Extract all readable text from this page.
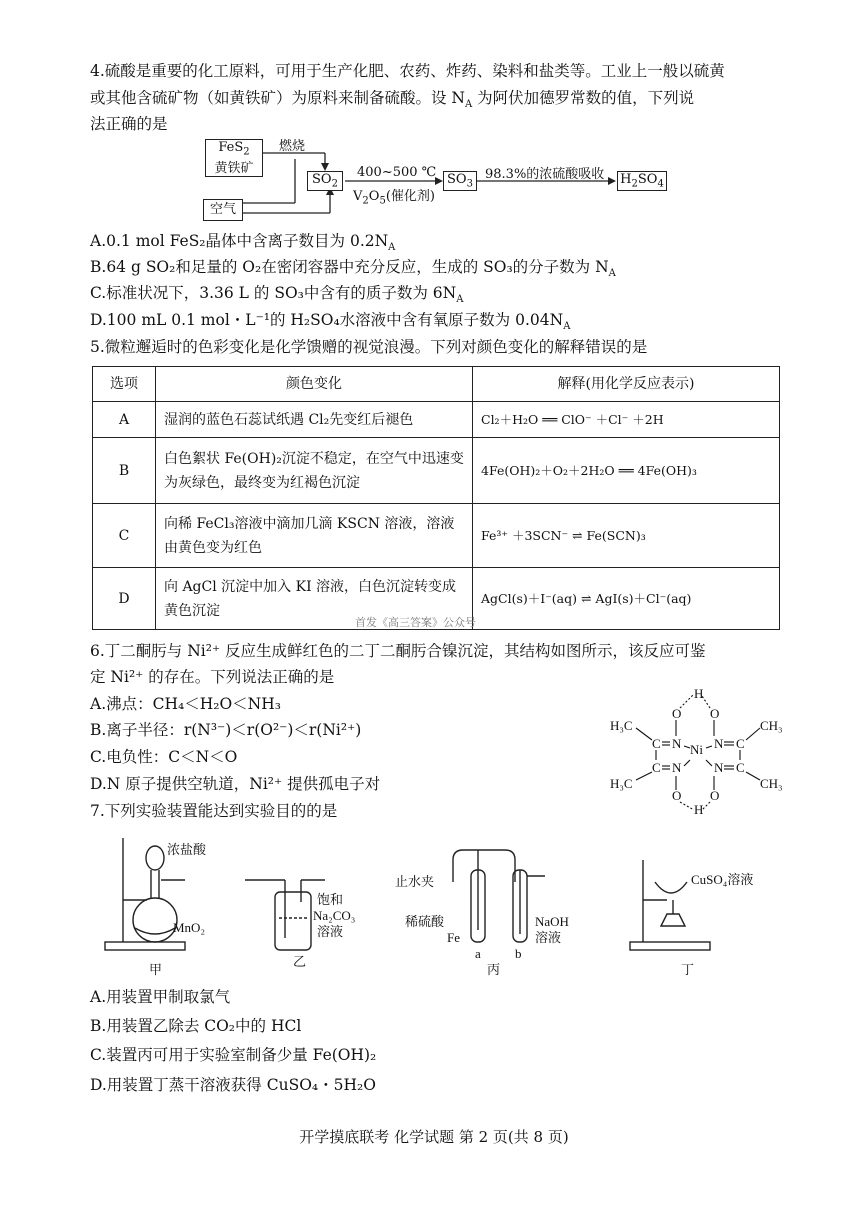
4.硫酸是重要的化工原料，可用于生产化肥、农药、炸药、染料和盐类等。工业上一般以硫黄
或其他含硫矿物（如黄铁矿）为原料来制备硫酸。设 $N_A$ 为阿伏加德罗常数的值，下列说
法正确的是
FeS$_2$
黄铁矿
燃烧
空气
$SO_2$
400~500 ℃
$V_2O_5$(催化剂)
$SO_3$
98.3%的浓硫酸吸收 $H_2SO_4$
A.0.1 mol FeS₂晶体中含离子数目为 $0.2N_A$
B.64 g SO₂和足量的 O₂在密闭容器中充分反应，生成的 SO₃的分子数为 $N_A$
C.标准状况下，3.36 L 的 SO₃中含有的质子数为 $6N_A$
D.100 mL 0.1 mol・L⁻¹的 H₂SO₄水溶液中含有氧原子数为 $0.04N_A$
5.微粒邂逅时的色彩变化是化学馈赠的视觉浪漫。下列对颜色变化的解释错误的是
选项	颜色变化	解释(用化学反应表示)
A	湿润的蓝色石蕊试纸遇 Cl₂先变红后褪色	Cl₂＋H₂O ══ ClO⁻ ＋Cl⁻ ＋2H
B	白色絮状 Fe(OH)₂沉淀不稳定，在空气中迅速变为灰绿色，最终变为红褐色沉淀	4Fe(OH)₂＋O₂＋2H₂O ══ 4Fe(OH)₃
C	向稀 FeCl₃溶液中滴加几滴 KSCN 溶液，溶液由黄色变为红色	Fe³⁺ ＋3SCN⁻ ⇌ Fe(SCN)₃
D	向 AgCl 沉淀中加入 KI 溶液，白色沉淀转变成黄色沉淀	AgCl(s)＋I⁻(aq) ⇌ AgI(s)＋Cl⁻(aq)
首发《高三答案》公众号
6.丁二酮肟与 Ni²⁺ 反应生成鲜红色的二丁二酮肟合镍沉淀，其结构如图所示，该反应可鉴
定 Ni²⁺ 的存在。下列说法正确的是
A.沸点：CH₄＜H₂O＜NH₃
B.离子半径：r(N³⁻)＜r(O²⁻)＜r(Ni²⁺)
C.电负性：C＜N＜O
D.N 原子提供空轨道，Ni²⁺ 提供孤电子对
H
O O
H₃C	CH₃
C N Ni N C
C N	N C
H₃C	CH₃
O O
H
7.下列实验装置能达到实验目的的是
浓盐酸
MnO₂
甲
饱和
Na₂CO₃
溶液
乙
止水夹
稀硫酸
Fe
a	b
NaOH
溶液
丙
CuSO₄溶液
丁
A.用装置甲制取氯气
B.用装置乙除去 CO₂中的 HCl
C.装置丙可用于实验室制备少量 Fe(OH)₂
D.用装置丁蒸干溶液获得 CuSO₄・5H₂O
开学摸底联考 化学试题 第 2 页(共 8 页)
